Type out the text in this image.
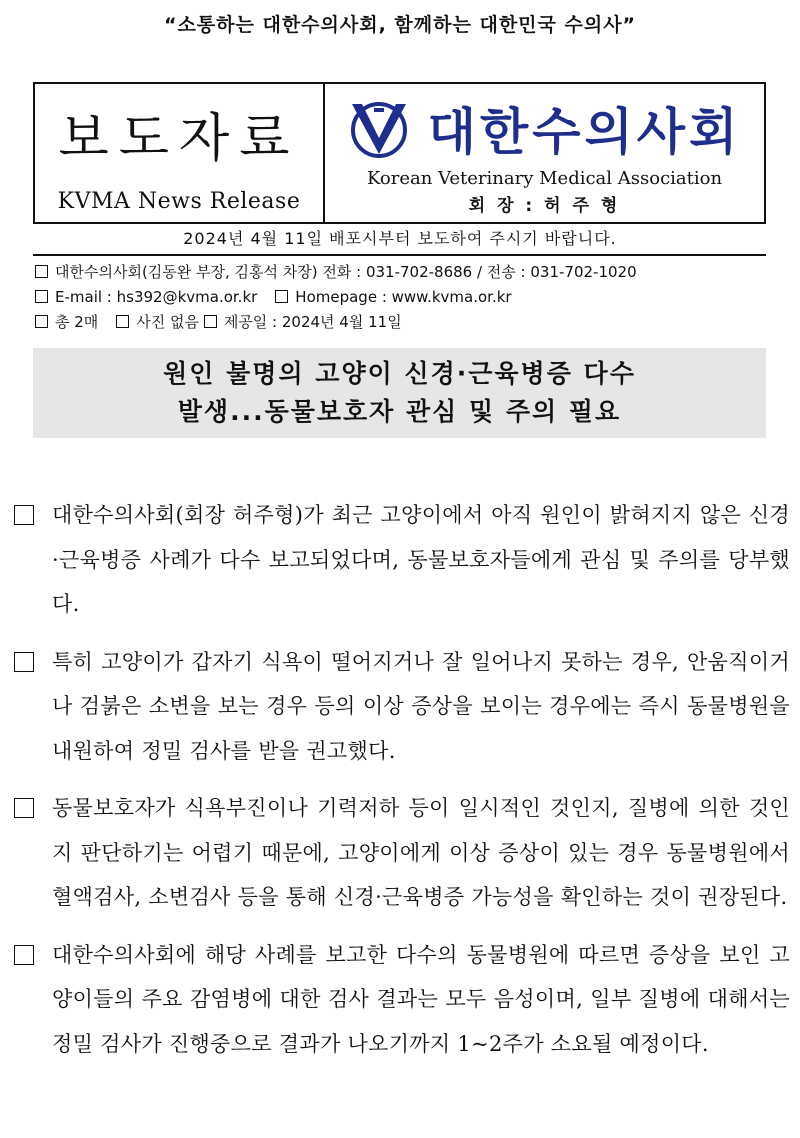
“소통하는 대한수의사회, 함께하는 대한민국 수의사”
보도자료
KVMA News Release
대한수의사회
Korean Veterinary Medical Association
회 장 : 허 주 형
2024년 4월 11일 배포시부터 보도하여 주시기 바랍니다.
대한수의사회(김동완 부장, 김홍석 차장) 전화 : 031-702-8686 / 전송 : 031-702-1020
E-mail : hs392@kvma.or.kr	Homepage : www.kvma.or.kr
총 2매	사진 없음 제공일 : 2024년 4월 11일
원인 불명의 고양이 신경·근육병증 다수
발생...동물보호자 관심 및 주의 필요
대한수의사회(회장 허주형)가 최근 고양이에서 아직 원인이 밝혀지지 않은 신경·근육병증 사례가 다수 보고되었다며, 동물보호자들에게 관심 및 주의를 당부했다.
특히 고양이가 갑자기 식욕이 떨어지거나 잘 일어나지 못하는 경우, 안움직이거나 검붉은 소변을 보는 경우 등의 이상 증상을 보이는 경우에는 즉시 동물병원을 내원하여 정밀 검사를 받을 권고했다.
동물보호자가 식욕부진이나 기력저하 등이 일시적인 것인지, 질병에 의한 것인지 판단하기는 어렵기 때문에, 고양이에게 이상 증상이 있는 경우 동물병원에서 혈액검사, 소변검사 등을 통해 신경·근육병증 가능성을 확인하는 것이 권장된다.
대한수의사회에 해당 사례를 보고한 다수의 동물병원에 따르면 증상을 보인 고양이들의 주요 감염병에 대한 검사 결과는 모두 음성이며, 일부 질병에 대해서는 정밀 검사가 진행중으로 결과가 나오기까지 1~2주가 소요될 예정이다.
